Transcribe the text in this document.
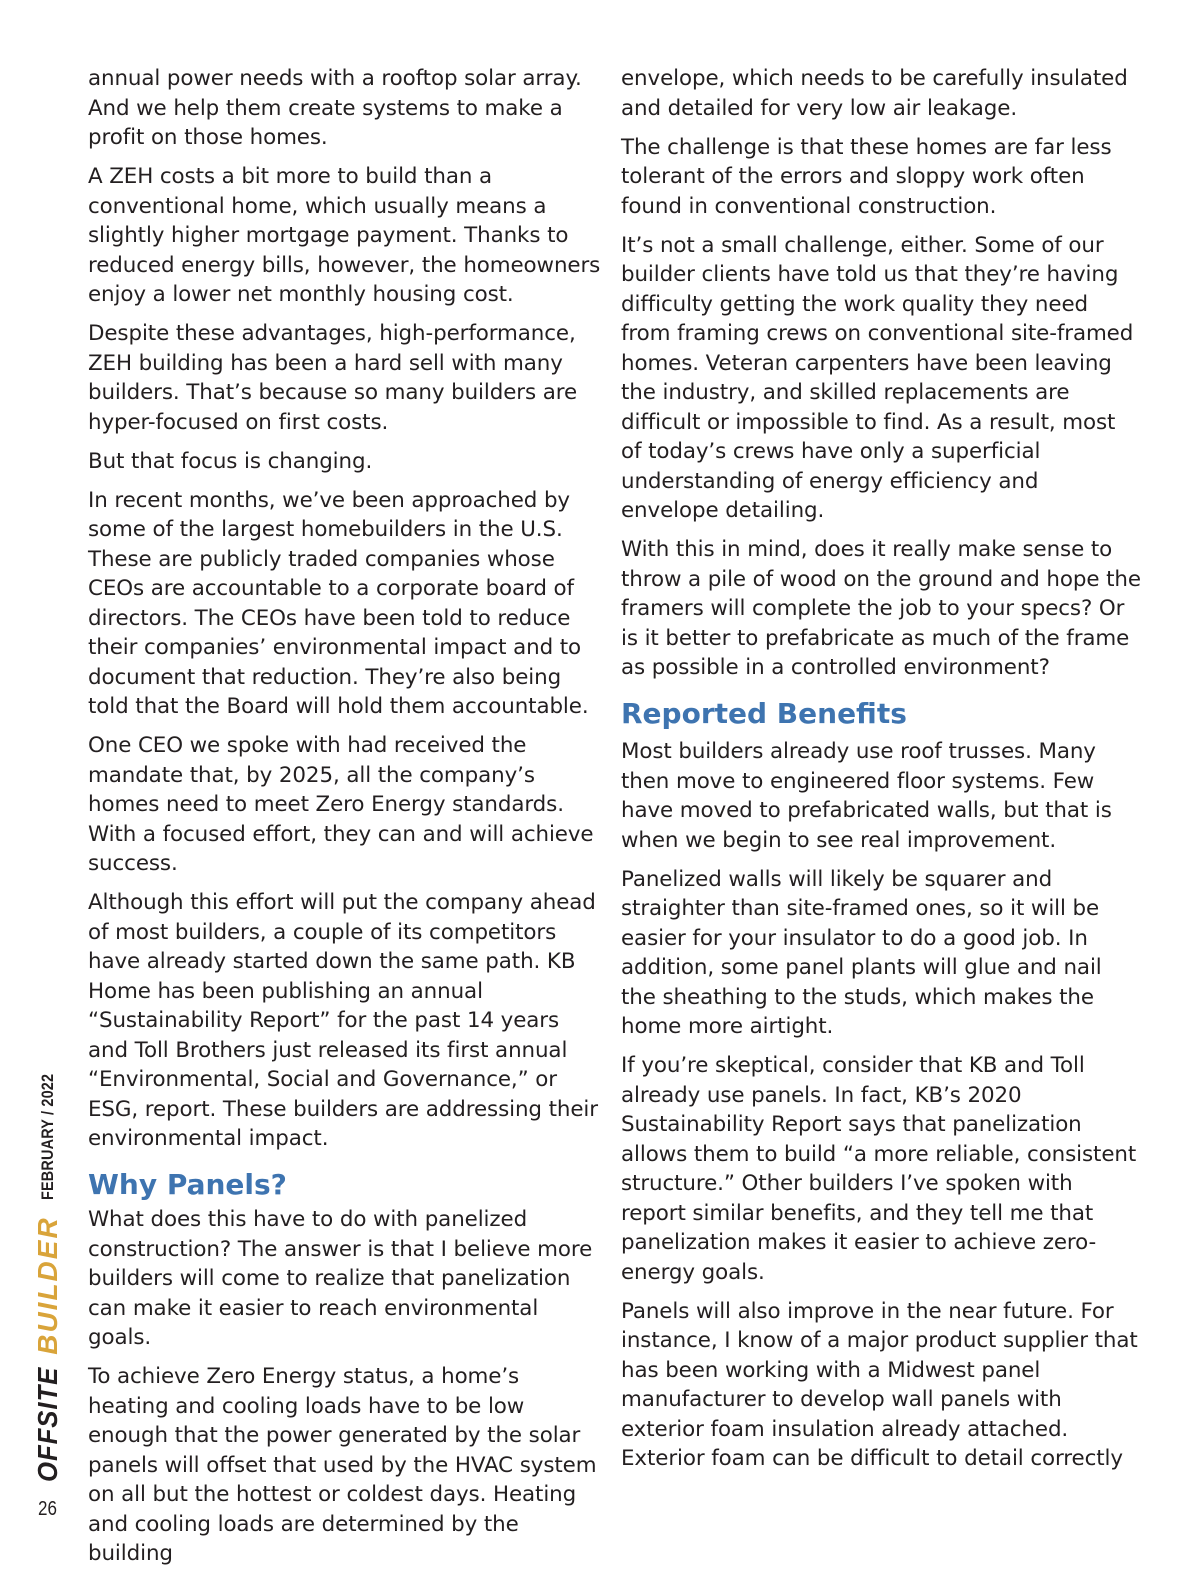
annual power needs with a rooftop solar array. And we help them create systems to make a profit on those homes.

A ZEH costs a bit more to build than a conventional home, which usually means a slightly higher mortgage payment. Thanks to reduced energy bills, however, the homeowners enjoy a lower net monthly housing cost.

Despite these advantages, high-performance, ZEH building has been a hard sell with many builders. That’s because so many builders are hyper-focused on first costs.

But that focus is changing.

In recent months, we’ve been approached by some of the largest homebuilders in the U.S. These are publicly traded companies whose CEOs are accountable to a corporate board of directors. The CEOs have been told to reduce their companies’ environmental impact and to document that reduction. They’re also being told that the Board will hold them accountable.

One CEO we spoke with had received the mandate that, by 2025, all the company’s homes need to meet Zero Energy standards. With a focused effort, they can and will achieve success.

Although this effort will put the company ahead of most builders, a couple of its competitors have already started down the same path. KB Home has been publishing an annual “Sustainability Report” for the past 14 years and Toll Brothers just released its first annual “Environmental, Social and Governance,” or ESG, report. These builders are addressing their environmental impact.

Why Panels?

What does this have to do with panelized construction? The answer is that I believe more builders will come to realize that panelization can make it easier to reach environmental goals.

To achieve Zero Energy status, a home’s heating and cooling loads have to be low enough that the power generated by the solar panels will offset that used by the HVAC system on all but the hottest or coldest days. Heating and cooling loads are determined by the building

envelope, which needs to be carefully insulated and detailed for very low air leakage.

The challenge is that these homes are far less tolerant of the errors and sloppy work often found in conventional construction.

It’s not a small challenge, either. Some of our builder clients have told us that they’re having difficulty getting the work quality they need from framing crews on conventional site-framed homes. Veteran carpenters have been leaving the industry, and skilled replacements are difficult or impossible to find. As a result, most of today’s crews have only a superficial understanding of energy efficiency and envelope detailing.

With this in mind, does it really make sense to throw a pile of wood on the ground and hope the framers will complete the job to your specs? Or is it better to prefabricate as much of the frame as possible in a controlled environment?

Reported Benefits

Most builders already use roof trusses. Many then move to engineered floor systems. Few have moved to prefabricated walls, but that is when we begin to see real improvement.

Panelized walls will likely be squarer and straighter than site-framed ones, so it will be easier for your insulator to do a good job. In addition, some panel plants will glue and nail the sheathing to the studs, which makes the home more airtight.

If you’re skeptical, consider that KB and Toll already use panels. In fact, KB’s 2020 Sustainability Report says that panelization allows them to build “a more reliable, consistent structure.” Other builders I’ve spoken with report similar benefits, and they tell me that panelization makes it easier to achieve zero-energy goals.

Panels will also improve in the near future. For instance, I know of a major product supplier that has been working with a Midwest panel manufacturer to develop wall panels with exterior foam insulation already attached. Exterior foam can be difficult to detail correctly

OFFSITE
BUILDER
FEBRUARY / 2022
26
